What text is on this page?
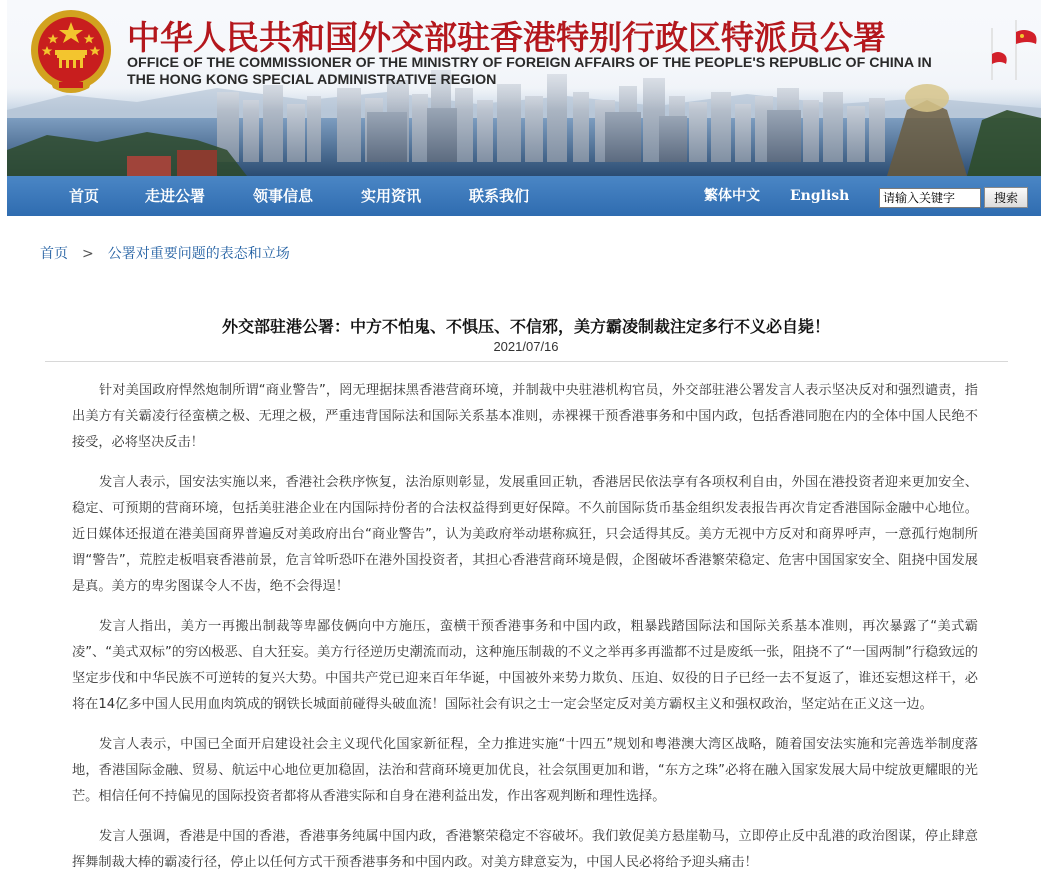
中华人民共和国外交部驻香港特别行政区特派员公署
OFFICE OF THE COMMISSIONER OF THE MINISTRY OF FOREIGN AFFAIRS OF THE PEOPLE'S REPUBLIC OF CHINA IN
THE HONG KONG SPECIAL ADMINISTRATIVE REGION
首页	走进公署	领事信息	实用资讯	联系我们	繁体中文 English
请输入关键字	搜索
首页 > 公署对重要问题的表态和立场
外交部驻港公署：中方不怕鬼、不惧压、不信邪，美方霸凌制裁注定多行不义必自毙！
2021/07/16

针对美国政府悍然炮制所谓“商业警告”，罔无理据抹黑香港营商环境，并制裁中央驻港机构官员，外交部驻港公署发言人表示坚决反对和强烈谴责，指出美方有关霸凌行径蛮横之极、无理之极，严重违背国际法和国际关系基本准则，赤裸裸干预香港事务和中国内政，包括香港同胞在内的全体中国人民绝不接受，必将坚决反击！

发言人表示，国安法实施以来，香港社会秩序恢复，法治原则彰显，发展重回正轨，香港居民依法享有各项权利自由，外国在港投资者迎来更加安全、稳定、可预期的营商环境，包括美驻港企业在内国际持份者的合法权益得到更好保障。不久前国际货币基金组织发表报告再次肯定香港国际金融中心地位。近日媒体还报道在港美国商界普遍反对美政府出台“商业警告”，认为美政府举动堪称疯狂，只会适得其反。美方无视中方反对和商界呼声，一意孤行炮制所谓“警告”，荒腔走板唱衰香港前景，危言耸听恐吓在港外国投资者，其担心香港营商环境是假，企图破坏香港繁荣稳定、危害中国国家安全、阻挠中国发展是真。美方的卑劣图谋令人不齿，绝不会得逞！

发言人指出，美方一再搬出制裁等卑鄙伎俩向中方施压，蛮横干预香港事务和中国内政，粗暴践踏国际法和国际关系基本准则，再次暴露了“美式霸凌”、“美式双标”的穷凶极恶、自大狂妄。美方行径逆历史潮流而动，这种施压制裁的不义之举再多再滥都不过是废纸一张，阻挠不了“一国两制”行稳致远的坚定步伐和中华民族不可逆转的复兴大势。中国共产党已迎来百年华诞，中国被外来势力欺负、压迫、奴役的日子已经一去不复返了，谁还妄想这样干，必将在14亿多中国人民用血肉筑成的钢铁长城面前碰得头破血流！国际社会有识之士一定会坚定反对美方霸权主义和强权政治，坚定站在正义这一边。

发言人表示，中国已全面开启建设社会主义现代化国家新征程，全力推进实施“十四五”规划和粤港澳大湾区战略，随着国安法实施和完善选举制度落地，香港国际金融、贸易、航运中心地位更加稳固，法治和营商环境更加优良，社会氛围更加和谐，“东方之珠”必将在融入国家发展大局中绽放更耀眼的光芒。相信任何不持偏见的国际投资者都将从香港实际和自身在港利益出发，作出客观判断和理性选择。

发言人强调，香港是中国的香港，香港事务纯属中国内政，香港繁荣稳定不容破坏。我们敦促美方悬崖勒马，立即停止反中乱港的政治图谋，停止肆意挥舞制裁大棒的霸凌行径，停止以任何方式干预香港事务和中国内政。对美方肆意妄为，中国人民必将给予迎头痛击！
